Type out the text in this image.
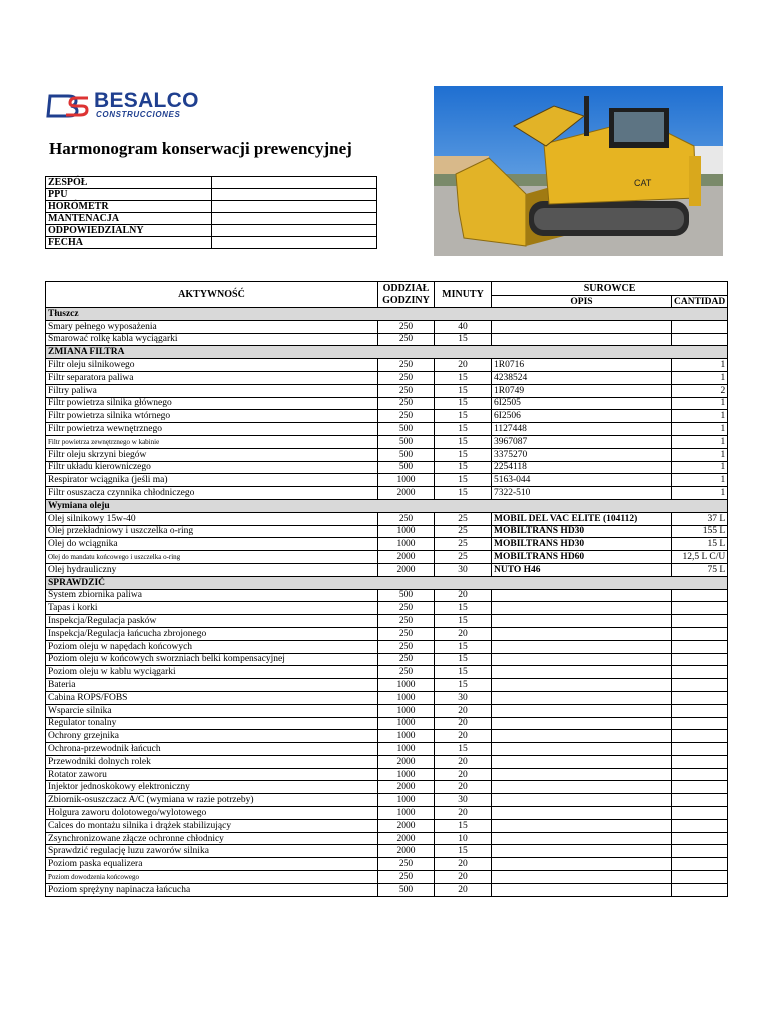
BESALCO
CONSTRUCCIONES
Harmonogram konserwacji prewencyjnej
CAT
ZESPÓŁ	
PPU	
HORÓMETR	
MANTENACJA	
ODPOWIEDZIALNY	
FECHA	
AKTYWNOŚĆ	ODDZIAŁ GODZINY	MINUTY	SUROWCE	
			OPIS	CANTIDAD
Tłuszcz				
Smary pełnego wyposażenia	250	40		
Smarować rolkę kabla wyciągarki	250	15		
ZMIANA FILTRA				
Filtr oleju silnikowego	250	20	1R0716	1
Filtr separatora paliwa	250	15	4238524	1
Filtry paliwa	250	15	1R0749	2
Filtr powietrza silnika głównego	250	15	6I2505	1
Filtr powietrza silnika wtórnego	250	15	6I2506	1
Filtr powietrza wewnętrznego	500	15	1127448	1
Filtr powietrza zewnętrznego w kabinie	500	15	3967087	1
Filtr oleju skrzyni biegów	500	15	3375270	1
Filtr układu kierowniczego	500	15	2254118	1
Respirator wciągnika (jeśli ma)	1000	15	5163-044	1
Filtr osuszacza czynnika chłodniczego	2000	15	7322-510	1
Wymiana oleju				
Olej silnikowy 15w-40	250	25	MOBIL DEL VAC ELITE (104112)	37 L
Olej przekładniowy i uszczelka o-ring	1000	25	MOBILTRANS HD30	155 L
Olej do wciągnika	1000	25	MOBILTRANS HD30	15 L
Olej do mandatu końcowego i uszczelka o-ring	2000	25	MOBILTRANS HD60	12,5 L C/U
Olej hydrauliczny	2000	30	NUTO H46	75 L
SPRAWDZIĆ				
System zbiornika paliwa	500	20		
Tapas i korki	250	15		
Inspekcja/Regulacja pasków	250	15		
Inspekcja/Regulacja łańcucha zbrojonego	250	20		
Poziom oleju w napędach końcowych	250	15		
Poziom oleju w końcowych sworzniach belki kompensacyjnej	250	15		
Poziom oleju w kablu wyciągarki	250	15		
Bateria	1000	15		
Cabina ROPS/FOBS	1000	30		
Wsparcie silnika	1000	20		
Regulator tonalny	1000	20		
Ochrony grzejnika	1000	20		
Ochrona-przewodnik łańcuch	1000	15		
Przewodniki dolnych rolek	2000	20		
Rotator zaworu	1000	20		
Injektor jednoskokowy elektroniczny	2000	20		
Zbiornik-osuszczacz A/C (wymiana w razie potrzeby)	1000	30		
Holgura zaworu dolotowego/wylotowego	1000	20		
Calces do montażu silnika i drążek stabilizujący	2000	15		
Zsynchronizowane złącze ochronne chłodnicy	2000	10		
Sprawdzić regulację luzu zaworów silnika	2000	15		
Poziom paska equalizera	250	20		
Poziom dowodzenia końcowego	250	20		
Poziom sprężyny napinacza łańcucha	500	20		
